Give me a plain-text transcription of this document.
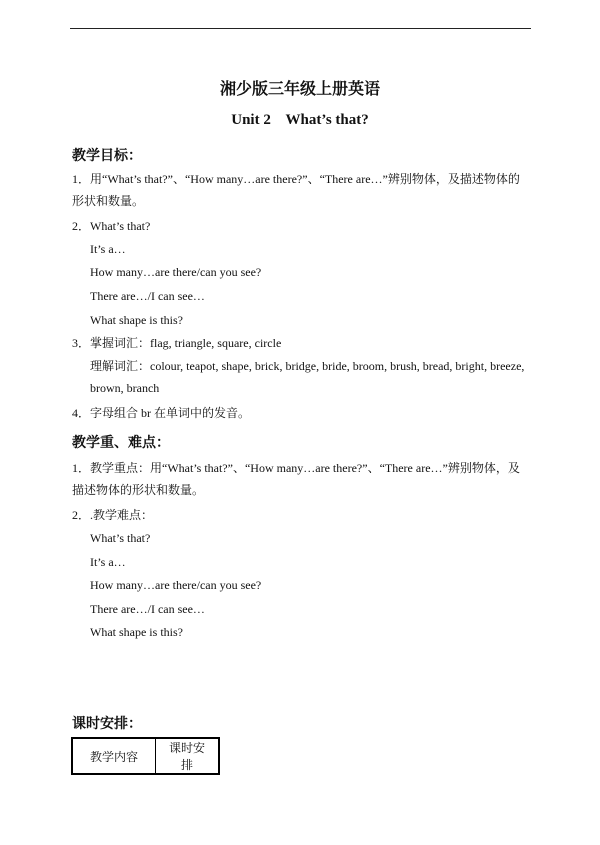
湘少版三年级上册英语
Unit 2    What’s that?
教学目标：
1．用“What’s that?”、“How many…are there?”、“There are…”辨别物体，及描述物体的形状和数量。
2．What’s that?
It’s a…
How many…are there/can you see?
There are…/I can see…
What shape is this?
3．掌握词汇：flag, triangle, square, circle
理解词汇：colour, teapot, shape, brick, bridge, bride, broom, brush, bread, bright, breeze, brown, branch
4．字母组合 br 在单词中的发音。
教学重、难点：
1．教学重点：用“What’s that?”、“How many…are there?”、“There are…”辨别物体，及描述物体的形状和数量。
2．.教学难点：
What’s that?
It’s a…
How many…are there/can you see?
There are…/I can see…
What shape is this?
课时安排：
教学内容	课时安排
